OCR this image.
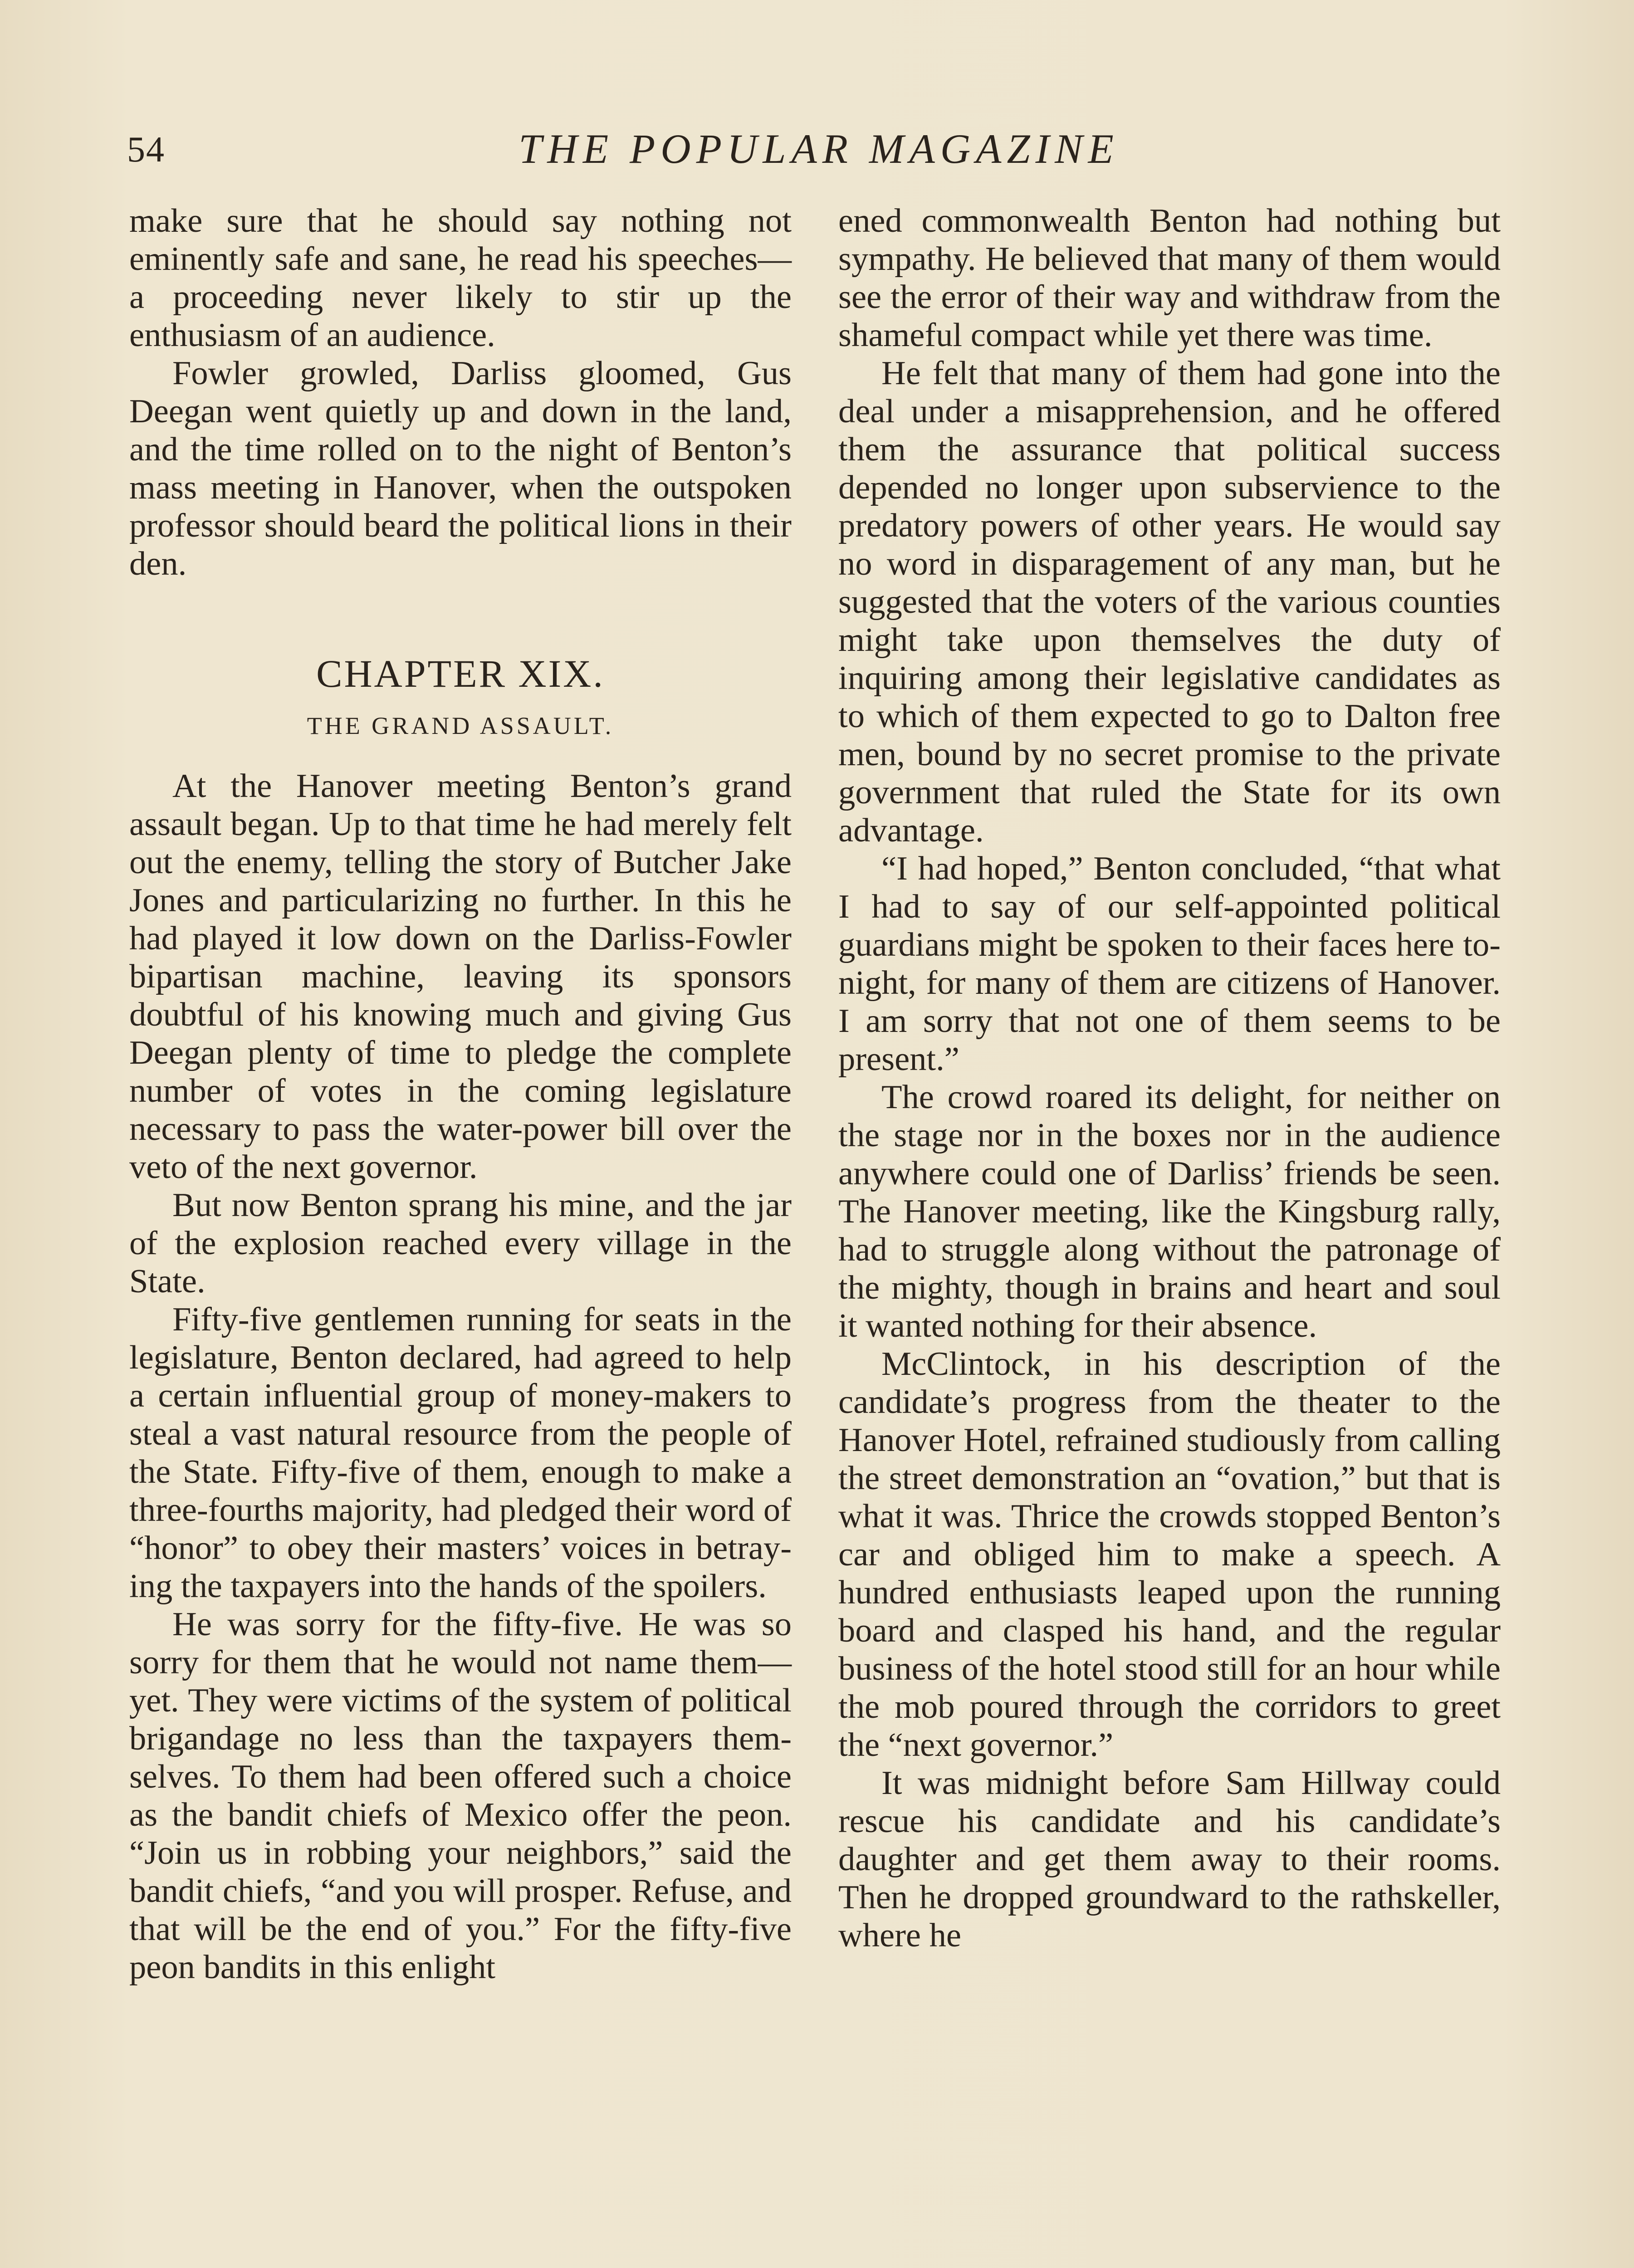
54	THE POPULAR MAGAZINE

make sure that he should say nothing not eminently safe and sane, he read his speeches—a proceeding never likely to stir up the enthusiasm of an audience.

Fowler growled, Darliss gloomed, Gus Deegan went quietly up and down in the land, and the time rolled on to the night of Benton’s mass meeting in Hanover, when the outspoken professor should beard the political lions in their den.

CHAPTER XIX.
THE GRAND ASSAULT.

At the Hanover meeting Benton’s grand assault began. Up to that time he had merely felt out the enemy, telling the story of Butcher Jake Jones and particularizing no further. In this he had played it low down on the Darliss-Fowler bipartisan machine, leaving its sponsors doubtful of his knowing much and giving Gus Deegan plenty of time to pledge the complete number of votes in the coming legislature necessary to pass the water-power bill over the veto of the next governor.

But now Benton sprang his mine, and the jar of the explosion reached every village in the State.

Fifty-five gentlemen running for seats in the legislature, Benton declared, had agreed to help a certain influential group of money-makers to steal a vast natural resource from the people of the State. Fifty-five of them, enough to make a three-fourths majority, had pledged their word of “honor” to obey their masters’ voices in betraying the taxpayers into the hands of the spoilers.

He was sorry for the fifty-five. He was so sorry for them that he would not name them—yet. They were victims of the system of political brigandage no less than the taxpayers themselves. To them had been offered such a choice as the bandit chiefs of Mexico offer the peon. “Join us in robbing your neighbors,” said the bandit chiefs, “and you will prosper. Refuse, and that will be the end of you.” For the fifty-five peon bandits in this enlight

ened commonwealth Benton had nothing but sympathy. He believed that many of them would see the error of their way and withdraw from the shameful compact while yet there was time.

He felt that many of them had gone into the deal under a misapprehension, and he offered them the assurance that political success depended no longer upon subservience to the predatory powers of other years. He would say no word in disparagement of any man, but he suggested that the voters of the various counties might take upon themselves the duty of inquiring among their legislative candidates as to which of them expected to go to Dalton free men, bound by no secret promise to the private government that ruled the State for its own advantage.

“I had hoped,” Benton concluded, “that what I had to say of our self-appointed political guardians might be spoken to their faces here to-night, for many of them are citizens of Hanover. I am sorry that not one of them seems to be present.”

The crowd roared its delight, for neither on the stage nor in the boxes nor in the audience anywhere could one of Darliss’ friends be seen. The Hanover meeting, like the Kingsburg rally, had to struggle along without the patronage of the mighty, though in brains and heart and soul it wanted nothing for their absence.

McClintock, in his description of the candidate’s progress from the theater to the Hanover Hotel, refrained studiously from calling the street demonstration an “ovation,” but that is what it was. Thrice the crowds stopped Benton’s car and obliged him to make a speech. A hundred enthusiasts leaped upon the running board and clasped his hand, and the regular business of the hotel stood still for an hour while the mob poured through the corridors to greet the “next governor.”

It was midnight before Sam Hillway could rescue his candidate and his candidate’s daughter and get them away to their rooms. Then he dropped groundward to the rathskeller, where he
